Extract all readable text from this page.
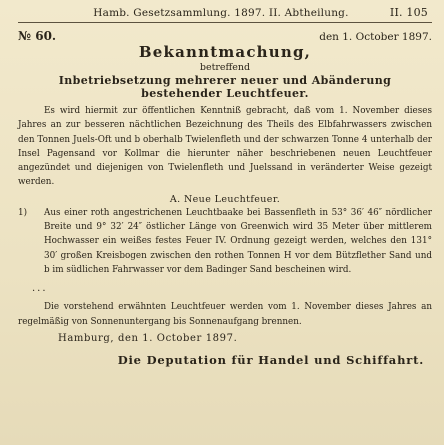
Hamb. Gesetzsammlung. 1897. II. Abtheilung.	II. 105
№ 60.	den 1. October 1897.
Bekanntmachung,
betreffend
Inbetriebsetzung mehrerer neuer und Abänderung bestehender Leuchtfeuer.
Es wird hiermit zur öffentlichen Kenntniß gebracht, daß vom 1. November dieses Jahres an zur besseren nächtlichen Bezeichnung des Theils des Elbfahrwassers zwischen den Tonnen Juels-Oft und b oberhalb Twielenfleth und der schwarzen Tonne 4 unterhalb der Insel Pagensand vor Kollmar die hierunter näher beschriebenen neuen Leuchtfeuer angezündet und diejenigen von Twielenfleth und Juelssand in veränderter Weise gezeigt werden.
A. Neue Leuchtfeuer.
1)	Aus einer roth angestrichenen Leuchtbaake bei Bassenfleth in 53° 36′ 46″ nördlicher Breite und 9° 32′ 24″ östlicher Länge von Greenwich wird 35 Meter über mittlerem Hochwasser ein weißes festes Feuer IV. Ordnung gezeigt werden, welches den 131° 30′ großen Kreisbogen zwischen den rothen Tonnen H vor dem Bützflether Sand und b im südlichen Fahrwasser vor dem Badinger Sand bescheinen wird.
...
Die vorstehend erwähnten Leuchtfeuer werden vom 1. November dieses Jahres an regelmäßig von Sonnenuntergang bis Sonnenaufgang brennen.
Hamburg, den 1. October 1897.
Die Deputation für Handel und Schiffahrt.
